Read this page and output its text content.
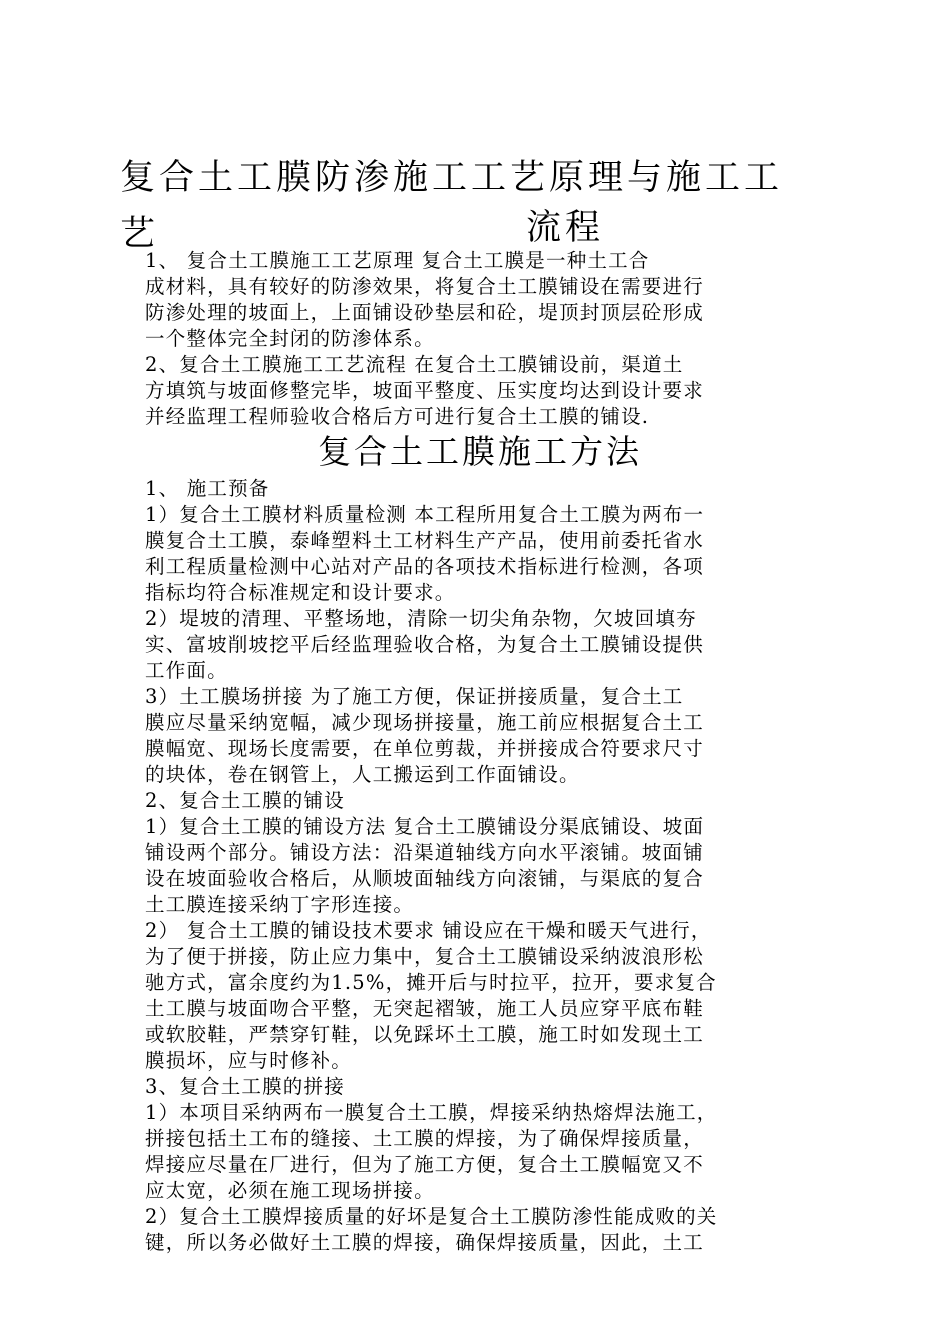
复合土工膜防渗施工工艺原理与施工工艺	流程
1、 复合土工膜施工工艺原理 复合土工膜是一种土工合
成材料，具有较好的防渗效果，将复合土工膜铺设在需要进行
防渗处理的坡面上，上面铺设砂垫层和砼，堤顶封顶层砼形成
一个整体完全封闭的防渗体系。
2、复合土工膜施工工艺流程 在复合土工膜铺设前，渠道土
方填筑与坡面修整完毕，坡面平整度、压实度均达到设计要求
并经监理工程师验收合格后方可进行复合土工膜的铺设.
复合土工膜施工方法
1、 施工预备
1）复合土工膜材料质量检测 本工程所用复合土工膜为两布一
膜复合土工膜，泰峰塑料土工材料生产产品，使用前委托省水
利工程质量检测中心站对产品的各项技术指标进行检测，各项
指标均符合标准规定和设计要求。
2）堤坡的清理、平整场地，清除一切尖角杂物，欠坡回填夯
实、富坡削坡挖平后经监理验收合格，为复合土工膜铺设提供
工作面。
3）土工膜场拼接 为了施工方便，保证拼接质量，复合土工
膜应尽量采纳宽幅，减少现场拼接量，施工前应根据复合土工
膜幅宽、现场长度需要，在单位剪裁，并拼接成合符要求尺寸
的块体，卷在钢管上，人工搬运到工作面铺设。
2、复合土工膜的铺设
1）复合土工膜的铺设方法 复合土工膜铺设分渠底铺设、坡面
铺设两个部分。铺设方法：沿渠道轴线方向水平滚铺。坡面铺
设在坡面验收合格后，从顺坡面轴线方向滚铺，与渠底的复合
土工膜连接采纳丁字形连接。
2） 复合土工膜的铺设技术要求 铺设应在干燥和暖天气进行，
为了便于拼接，防止应力集中，复合土工膜铺设采纳波浪形松
驰方式，富余度约为1.5%，摊开后与时拉平，拉开，要求复合
土工膜与坡面吻合平整，无突起褶皱，施工人员应穿平底布鞋
或软胶鞋，严禁穿钉鞋，以免踩坏土工膜，施工时如发现土工
膜损坏，应与时修补。
3、复合土工膜的拼接
1）本项目采纳两布一膜复合土工膜，焊接采纳热熔焊法施工，
拼接包括土工布的缝接、土工膜的焊接，为了确保焊接质量，
焊接应尽量在厂进行，但为了施工方便，复合土工膜幅宽又不
应太宽，必须在施工现场拼接。
2）复合土工膜焊接质量的好坏是复合土工膜防渗性能成败的关
键，所以务必做好土工膜的焊接，确保焊接质量，因此，土工
